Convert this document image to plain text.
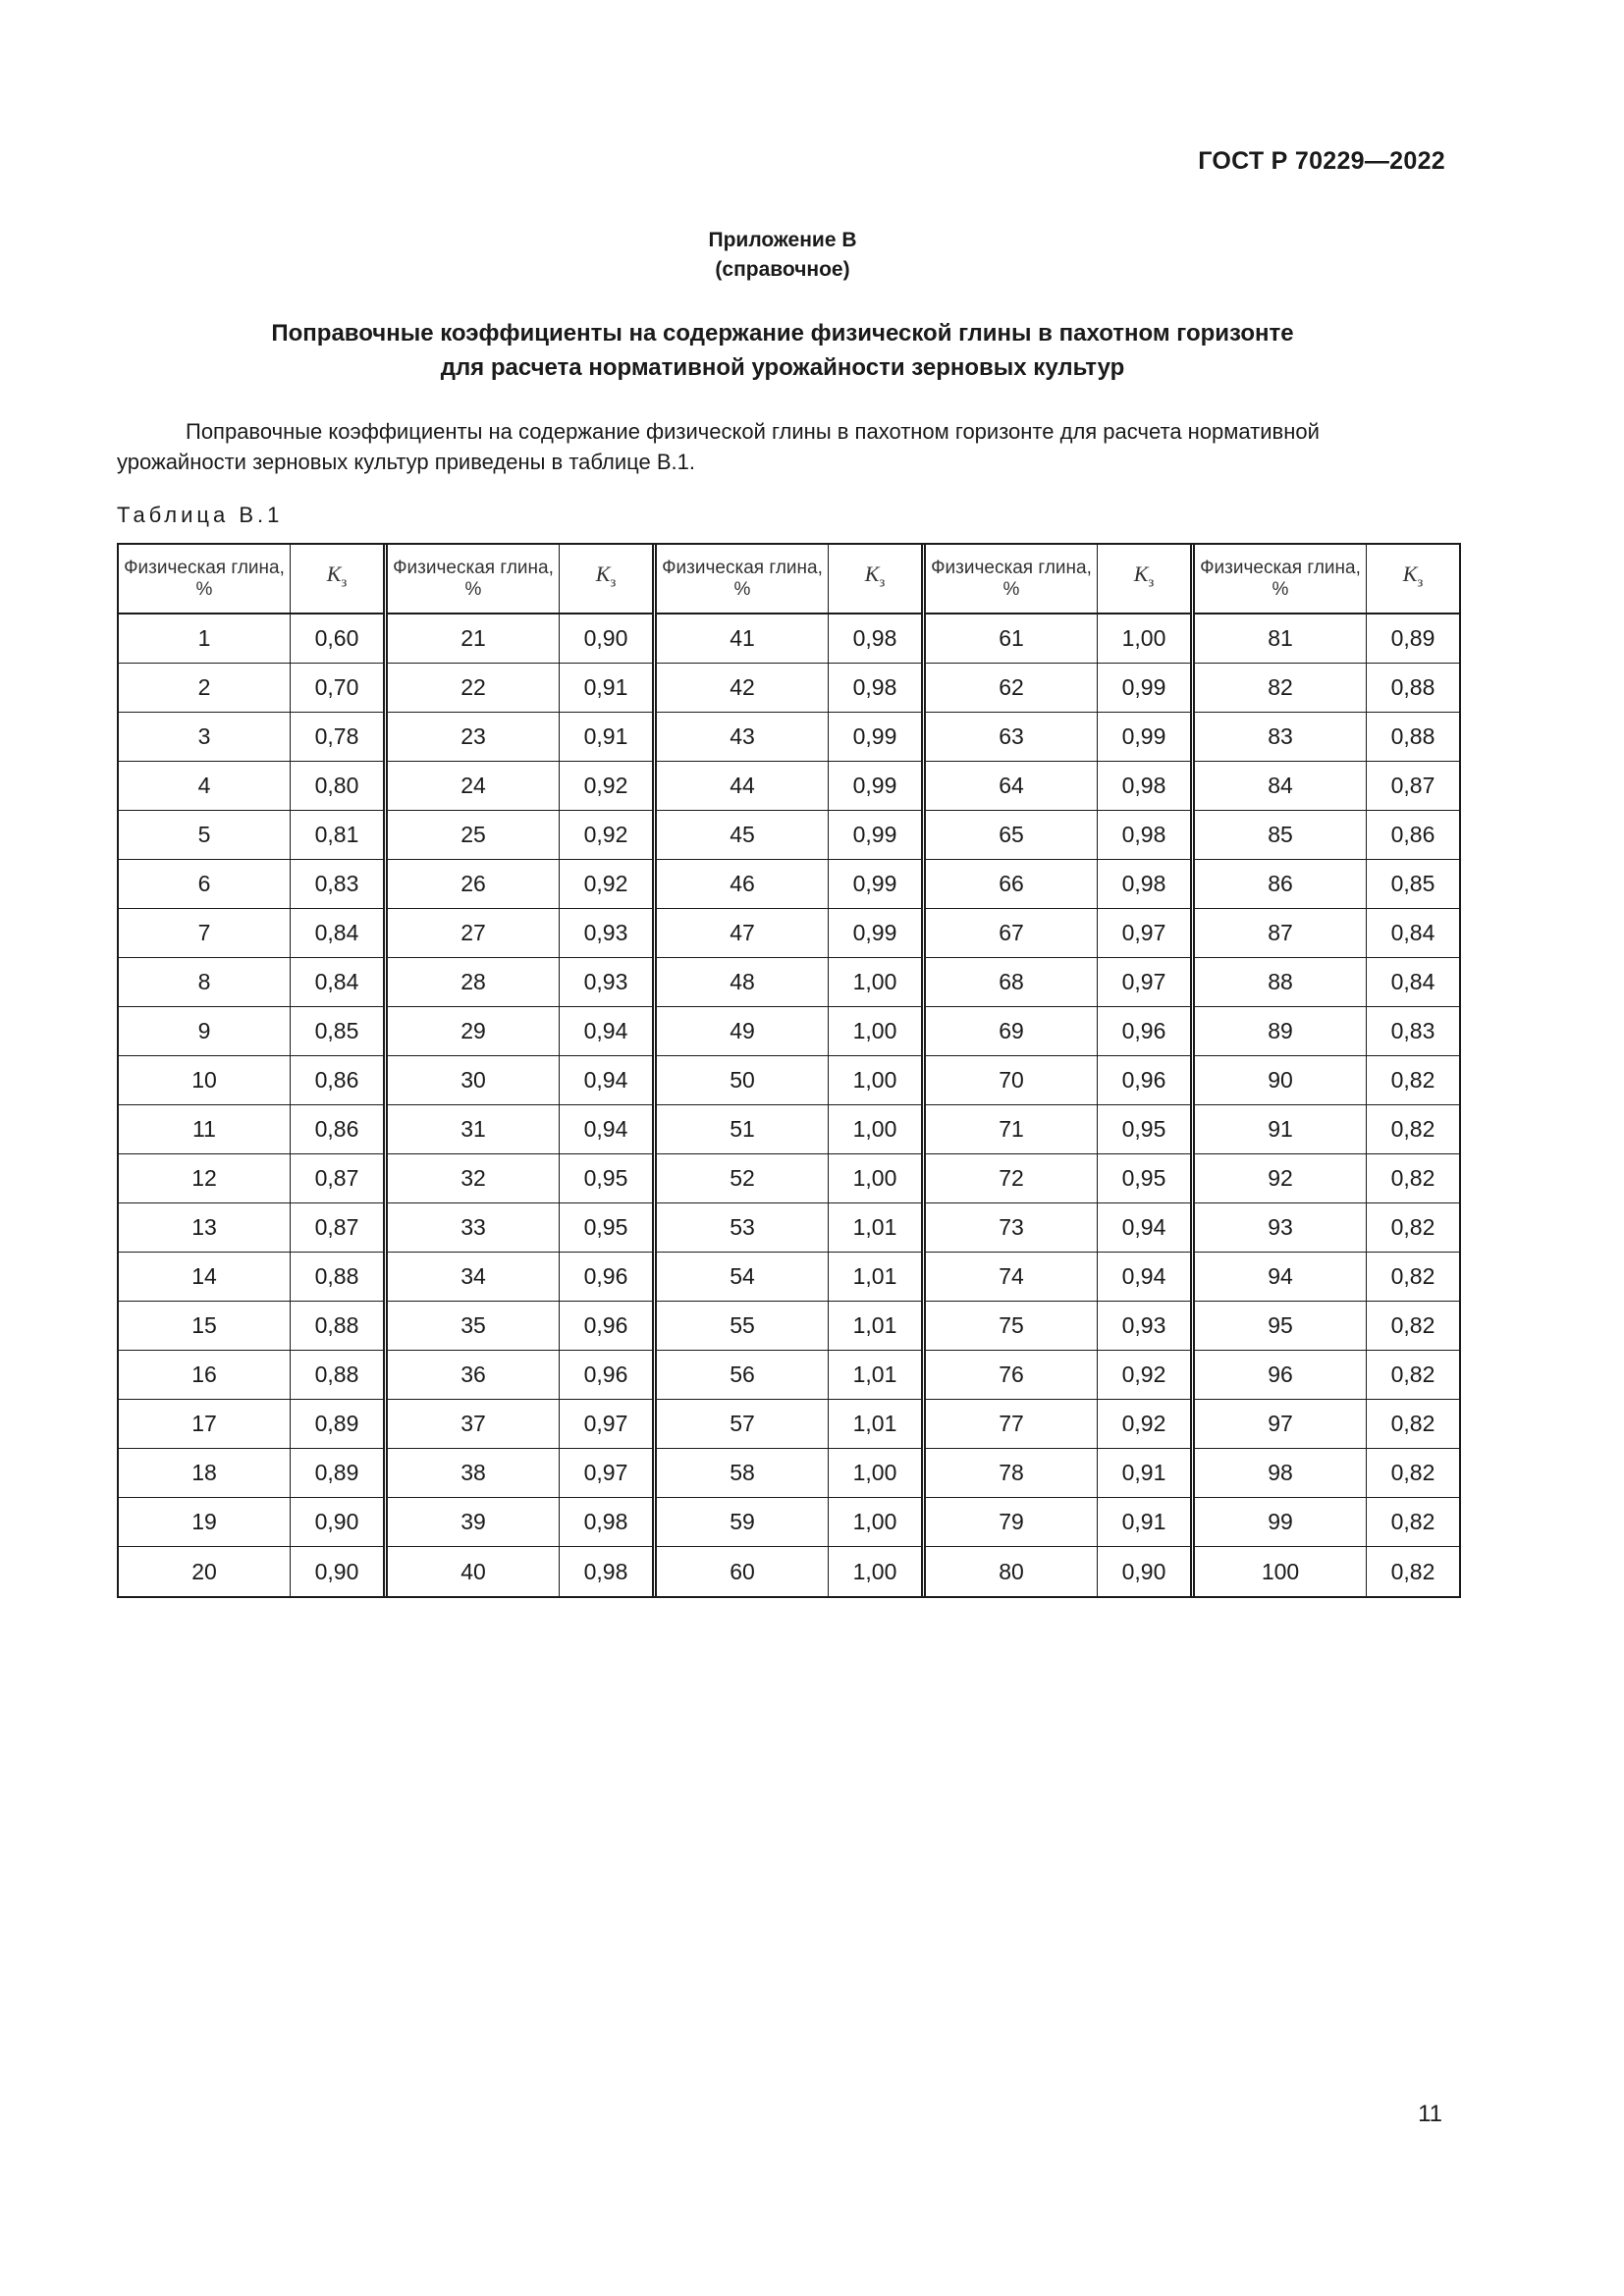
ГОСТ Р 70229—2022
Приложение В
(справочное)
Поправочные коэффициенты на содержание физической глины в пахотном горизонте
для расчета нормативной урожайности зерновых культур
Поправочные коэффициенты на содержание физической глины в пахотном горизонте для расчета нормативной урожайности зерновых культур приведены в таблице В.1.
Таблица В.1
Физическая глина, %
1
2
3
4
5
6
7
8
9
10
11
12
13
14
15
16
17
18
19
20
$К_з$
0,60
0,70
0,78
0,80
0,81
0,83
0,84
0,84
0,85
0,86
0,86
0,87
0,87
0,88
0,88
0,88
0,89
0,89
0,90
0,90
Физическая глина, %
21
22
23
24
25
26
27
28
29
30
31
32
33
34
35
36
37
38
39
40
$К_з$
0,90
0,91
0,91
0,92
0,92
0,92
0,93
0,93
0,94
0,94
0,94
0,95
0,95
0,96
0,96
0,96
0,97
0,97
0,98
0,98
Физическая глина, %
41
42
43
44
45
46
47
48
49
50
51
52
53
54
55
56
57
58
59
60
$К_з$
0,98
0,98
0,99
0,99
0,99
0,99
0,99
1,00
1,00
1,00
1,00
1,00
1,01
1,01
1,01
1,01
1,01
1,00
1,00
1,00
Физическая глина, %
61
62
63
64
65
66
67
68
69
70
71
72
73
74
75
76
77
78
79
80
$К_з$
1,00
0,99
0,99
0,98
0,98
0,98
0,97
0,97
0,96
0,96
0,95
0,95
0,94
0,94
0,93
0,92
0,92
0,91
0,91
0,90
Физическая глина, %
81
82
83
84
85
86
87
88
89
90
91
92
93
94
95
96
97
98
99
100
$К_з$
0,89
0,88
0,88
0,87
0,86
0,85
0,84
0,84
0,83
0,82
0,82
0,82
0,82
0,82
0,82
0,82
0,82
0,82
0,82
0,82
11
